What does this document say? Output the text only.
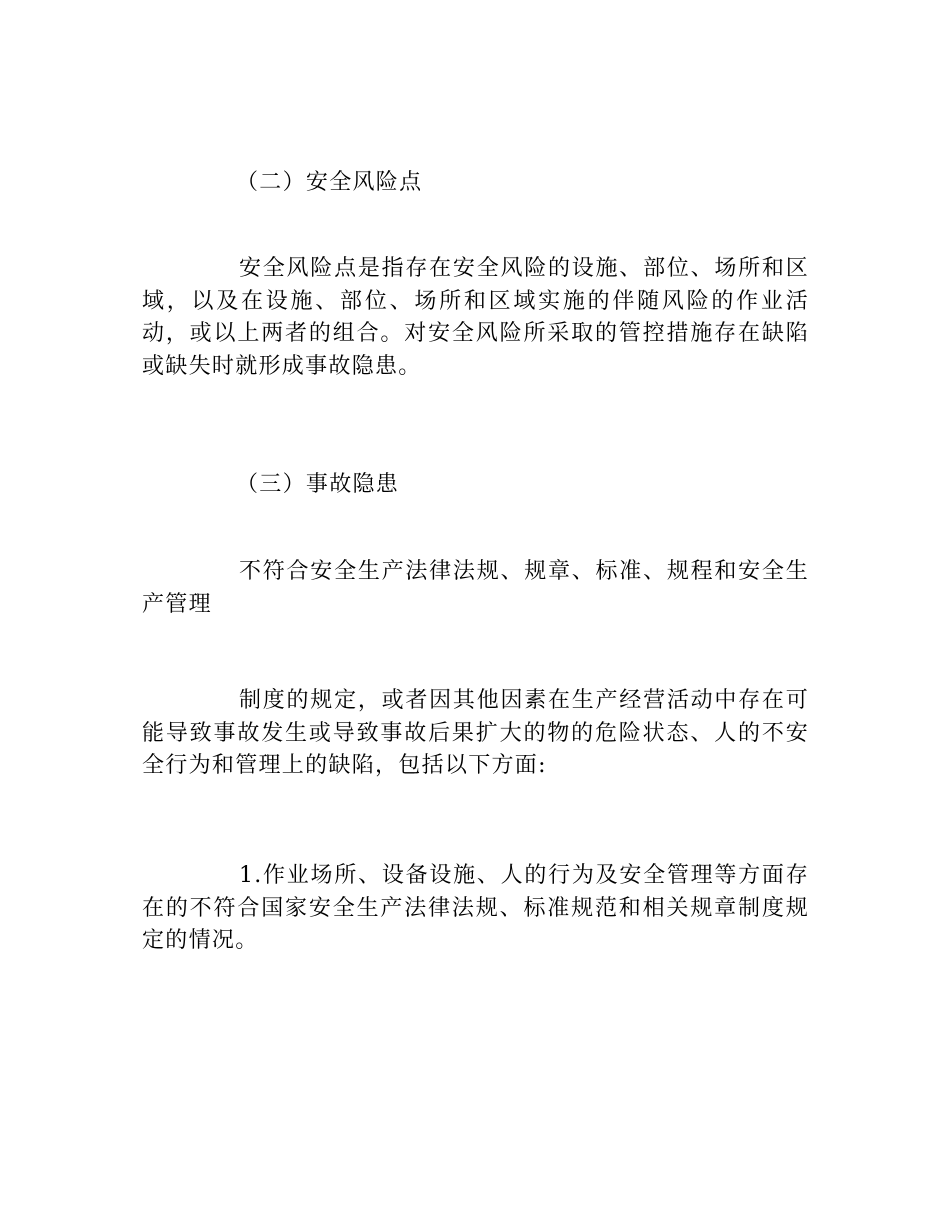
（二）安全风险点

安全风险点是指存在安全风险的设施、部位、场所和区域，以及在设施、部位、场所和区域实施的伴随风险的作业活动，或以上两者的组合。对安全风险所采取的管控措施存在缺陷或缺失时就形成事故隐患。

（三）事故隐患

不符合安全生产法律法规、规章、标准、规程和安全生产管理

制度的规定，或者因其他因素在生产经营活动中存在可能导致事故发生或导致事故后果扩大的物的危险状态、人的不安全行为和管理上的缺陷，包括以下方面:

1.作业场所、设备设施、人的行为及安全管理等方面存在的不符合国家安全生产法律法规、标准规范和相关规章制度规定的情况。
